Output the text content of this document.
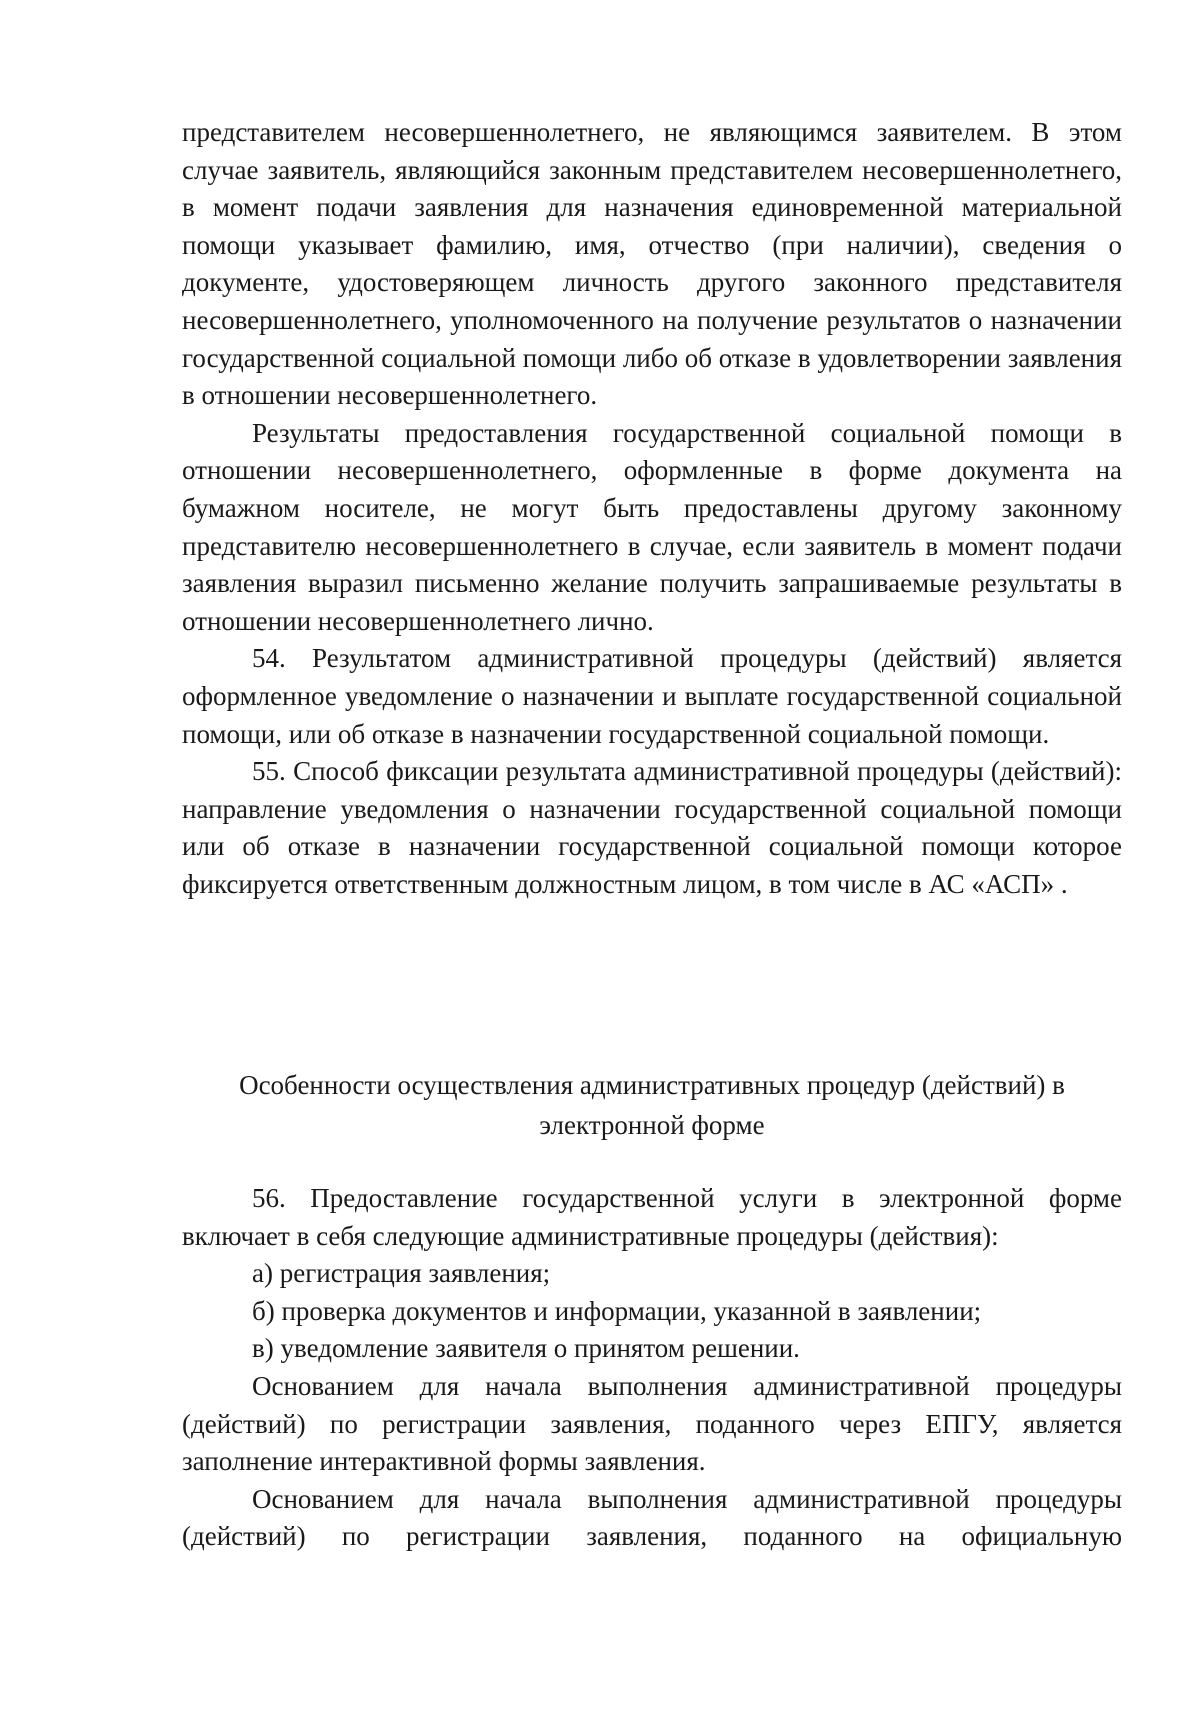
представителем несовершеннолетнего, не являющимся заявителем. В этом случае заявитель, являющийся законным представителем несовершеннолетнего, в момент подачи заявления для назначения единовременной материальной помощи указывает фамилию, имя, отчество (при наличии), сведения о документе, удостоверяющем личность другого законного представителя несовершеннолетнего, уполномоченного на получение результатов о назначении государственной социальной помощи либо об отказе в удовлетворении заявления в отношении несовершеннолетнего.

Результаты предоставления государственной социальной помощи в отношении несовершеннолетнего, оформленные в форме документа на бумажном носителе, не могут быть предоставлены другому законному представителю несовершеннолетнего в случае, если заявитель в момент подачи заявления выразил письменно желание получить запрашиваемые результаты в отношении несовершеннолетнего лично.

54. Результатом административной процедуры (действий) является оформленное уведомление о назначении и выплате государственной социальной помощи, или об отказе в назначении государственной социальной помощи.

55. Способ фиксации результата административной процедуры (действий): направление уведомления о назначении государственной социальной помощи или об отказе в назначении государственной социальной помощи которое фиксируется ответственным должностным лицом, в том числе в АС «АСП» .

Особенности осуществления административных процедур (действий) в
электронной форме

56. Предоставление государственной услуги в электронной форме включает в себя следующие административные процедуры (действия):

а) регистрация заявления;

б) проверка документов и информации, указанной в заявлении;

в) уведомление заявителя о принятом решении.

Основанием для начала выполнения административной процедуры (действий) по регистрации заявления, поданного через ЕПГУ, является заполнение интерактивной формы заявления.

Основанием для начала выполнения административной процедуры (действий) по регистрации заявления, поданного на официальную
